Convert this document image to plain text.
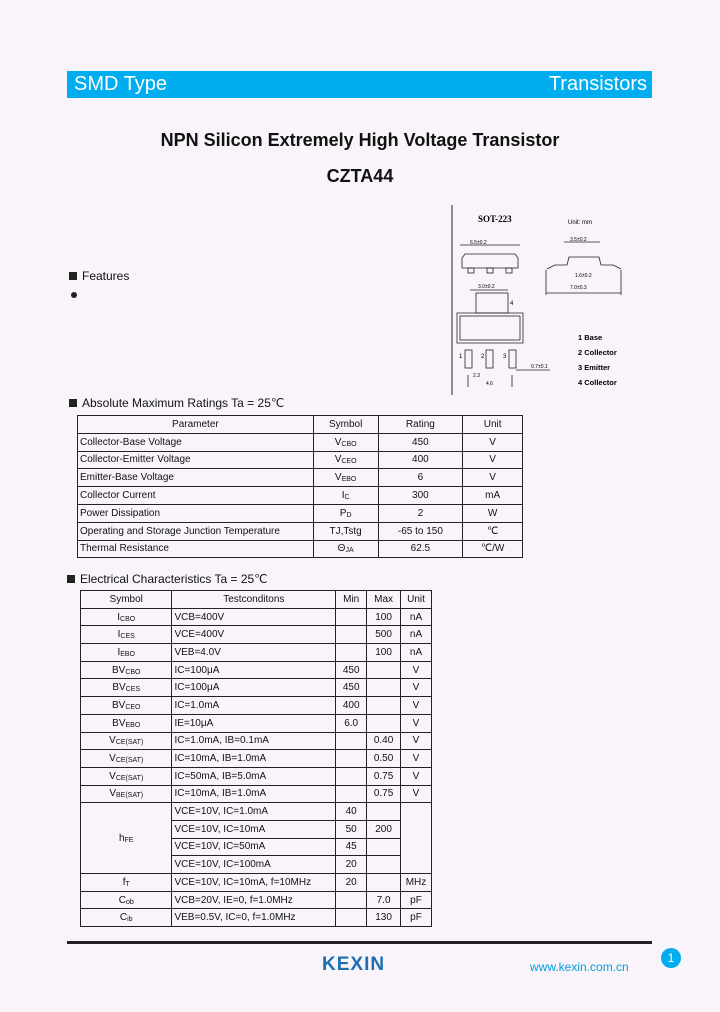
SMD Type	Transistors
NPN Silicon Extremely High Voltage Transistor
CZTA44
Features
SOT-223	Unit: mm
6.5±0.2	3.5±0.2
3.0±0.2	7.0±0.3
1.6±0.2
2.3
4.6
0.7±0.1
4
1	2	3
1 Base
2 Collector
3 Emitter
4 Collector
Absolute Maximum Ratings Ta = 25℃
Parameter	Symbol	Rating	Unit
Collector-Base Voltage	$V_{CBO}$	450	V
Collector-Emitter Voltage	$V_{CEO}$	400	V
Emitter-Base Voltage	$V_{EBO}$	6	V
Collector Current	$I_C$	300	mA
Power Dissipation	$P_D$	2	W
Operating and Storage Junction Temperature	TJ,Tstg	-65 to 150	℃
Thermal Resistance	$\Theta_{JA}$	62.5	℃/W
Electrical Characteristics Ta = 25℃
Symbol	Testconditons	Min	Max	Unit
$I_{CBO}$	VCB=400V		100	nA
$I_{CES}$	VCE=400V		500	nA
$I_{EBO}$	VEB=4.0V		100	nA
$BV_{CBO}$	IC=100μA	450		V
$BV_{CES}$	IC=100μA	450		V
$BV_{CEO}$	IC=1.0mA	400		V
$BV_{EBO}$	IE=10μA	6.0		V
$V_{CE(SAT)}$	IC=1.0mA, IB=0.1mA		0.40	V
$V_{CE(SAT)}$	IC=10mA, IB=1.0mA		0.50	V
$V_{CE(SAT)}$	IC=50mA, IB=5.0mA		0.75	V
$V_{BE(SAT)}$	IC=10mA, IB=1.0mA		0.75	V
$h_{FE}$	VCE=10V, IC=1.0mA	40		
	VCE=10V, IC=10mA	50	200	
	VCE=10V, IC=50mA	45		
	VCE=10V, IC=100mA	20		
$f_T$	VCE=10V, IC=10mA, f=10MHz	20		MHz
$C_{ob}$	VCB=20V, IE=0, f=1.0MHz		7.0	pF
$C_{ib}$	VEB=0.5V, IC=0, f=1.0MHz		130	pF
KEXIN	www.kexin.com.cn
1
